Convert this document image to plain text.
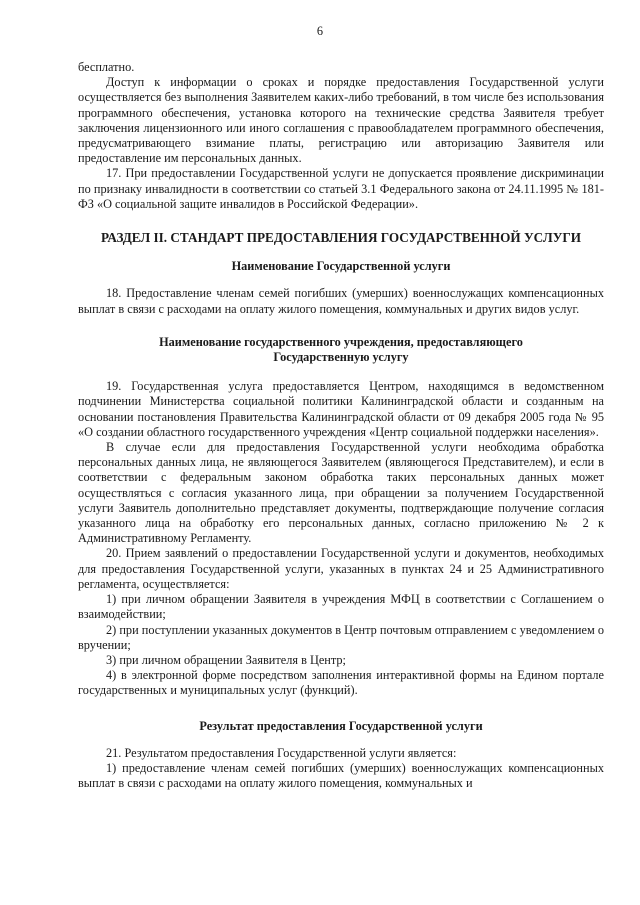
6

бесплатно.

Доступ к информации о сроках и порядке предоставления Государственной услуги осуществляется без выполнения Заявителем каких-либо требований, в том числе без использования программного обеспечения, установка которого на технические средства Заявителя требует заключения лицензионного или иного соглашения с правообладателем программного обеспечения, предусматривающего взимание платы, регистрацию или авторизацию Заявителя или предоставление им персональных данных.

17. При предоставлении Государственной услуги не допускается проявление дискриминации по признаку инвалидности в соответствии со статьей 3.1 Федерального закона от 24.11.1995 № 181-ФЗ «О социальной защите инвалидов в Российской Федерации».

РАЗДЕЛ II. СТАНДАРТ ПРЕДОСТАВЛЕНИЯ ГОСУДАРСТВЕННОЙ УСЛУГИ

Наименование Государственной услуги

18. Предоставление членам семей погибших (умерших) военнослужащих компенсационных выплат в связи с расходами на оплату жилого помещения, коммунальных и других видов услуг.

Наименование государственного учреждения, предоставляющего
Государственную услугу

19. Государственная услуга предоставляется Центром, находящимся в ведомственном подчинении Министерства социальной политики Калининградской области и созданным на основании постановления Правительства Калининградской области от 09 декабря 2005 года № 95 «О создании областного государственного учреждения «Центр социальной поддержки населения».

В случае если для предоставления Государственной услуги необходима обработка персональных данных лица, не являющегося Заявителем (являющегося Представителем), и если в соответствии с федеральным законом обработка таких персональных данных может осуществляться с согласия указанного лица, при обращении за получением Государственной услуги Заявитель дополнительно представляет документы, подтверждающие получение согласия указанного лица на обработку его персональных данных, согласно приложению № 2 к Административному Регламенту.

20. Прием заявлений о предоставлении Государственной услуги и документов, необходимых для предоставления Государственной услуги, указанных в пунктах 24 и 25 Административного регламента, осуществляется:

1) при личном обращении Заявителя в учреждения МФЦ в соответствии с Соглашением о взаимодействии;

2) при поступлении указанных документов в Центр почтовым отправлением с уведомлением о вручении;

3) при личном обращении Заявителя в Центр;

4) в электронной форме посредством заполнения интерактивной формы на Едином портале государственных и муниципальных услуг (функций).

Результат предоставления Государственной услуги

21. Результатом предоставления Государственной услуги является:

1) предоставление членам семей погибших (умерших) военнослужащих компенсационных выплат в связи с расходами на оплату жилого помещения, коммунальных и
